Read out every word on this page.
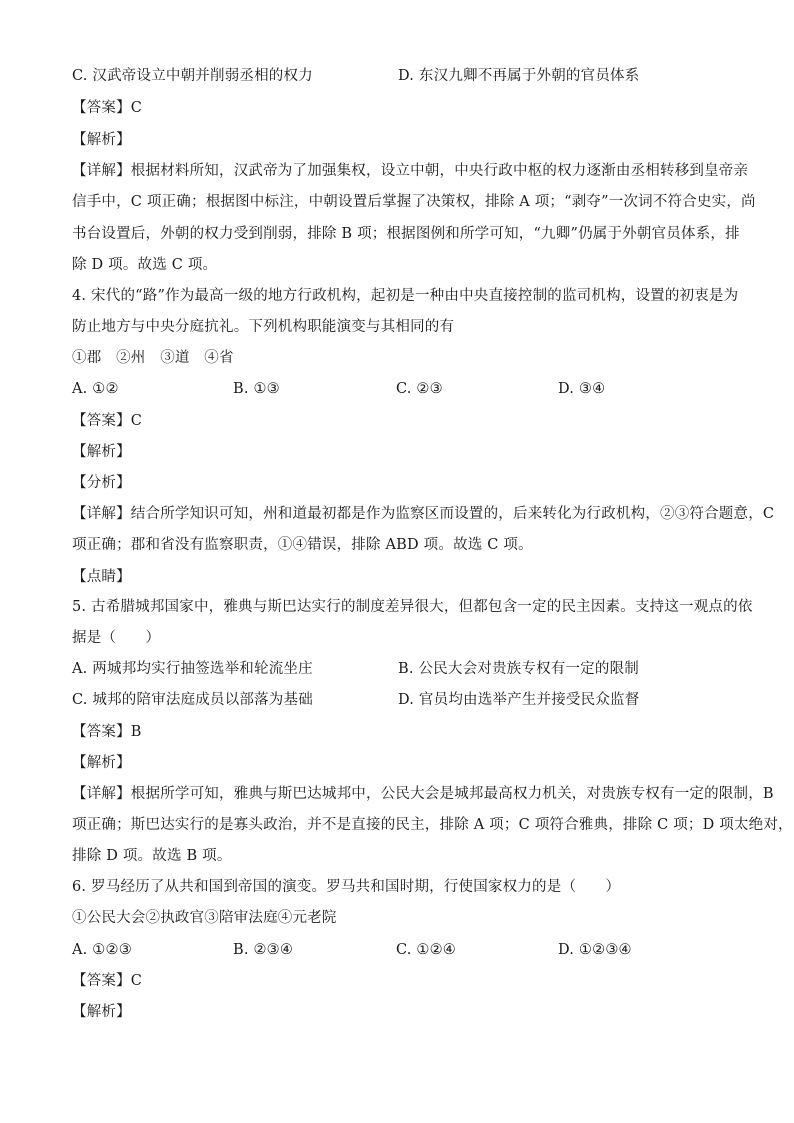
C. 汉武帝设立中朝并削弱丞相的权力	D. 东汉九卿不再属于外朝的官员体系
【答案】C
【解析】
【详解】根据材料所知，汉武帝为了加强集权，设立中朝，中央行政中枢的权力逐渐由丞相转移到皇帝亲
信手中，C 项正确；根据图中标注，中朝设置后掌握了决策权，排除 A 项；“剥夺”一次词不符合史实，尚
书台设置后，外朝的权力受到削弱，排除 B 项；根据图例和所学可知，“九卿”仍属于外朝官员体系，排
除 D 项。故选 C 项。
4. 宋代的“路”作为最高一级的地方行政机构，起初是一种由中央直接控制的监司机构，设置的初衷是为
防止地方与中央分庭抗礼。下列机构职能演变与其相同的有
①郡　②州　③道　④省
A. ①②	B. ①③	C. ②③	D. ③④
【答案】C
【解析】
【分析】
【详解】结合所学知识可知，州和道最初都是作为监察区而设置的，后来转化为行政机构，②③符合题意，C
项正确；郡和省没有监察职责，①④错误，排除 ABD 项。故选 C 项。
【点睛】
5. 古希腊城邦国家中，雅典与斯巴达实行的制度差异很大，但都包含一定的民主因素。支持这一观点的依
据是（　　）
A. 两城邦均实行抽签选举和轮流坐庄	B. 公民大会对贵族专权有一定的限制
C. 城邦的陪审法庭成员以部落为基础	D. 官员均由选举产生并接受民众监督
【答案】B
【解析】
【详解】根据所学可知，雅典与斯巴达城邦中，公民大会是城邦最高权力机关，对贵族专权有一定的限制，B
项正确；斯巴达实行的是寡头政治，并不是直接的民主，排除 A 项；C 项符合雅典，排除 C 项；D 项太绝对，
排除 D 项。故选 B 项。
6. 罗马经历了从共和国到帝国的演变。罗马共和国时期，行使国家权力的是（　　）
①公民大会②执政官③陪审法庭④元老院
A. ①②③	B. ②③④	C. ①②④	D. ①②③④
【答案】C
【解析】
